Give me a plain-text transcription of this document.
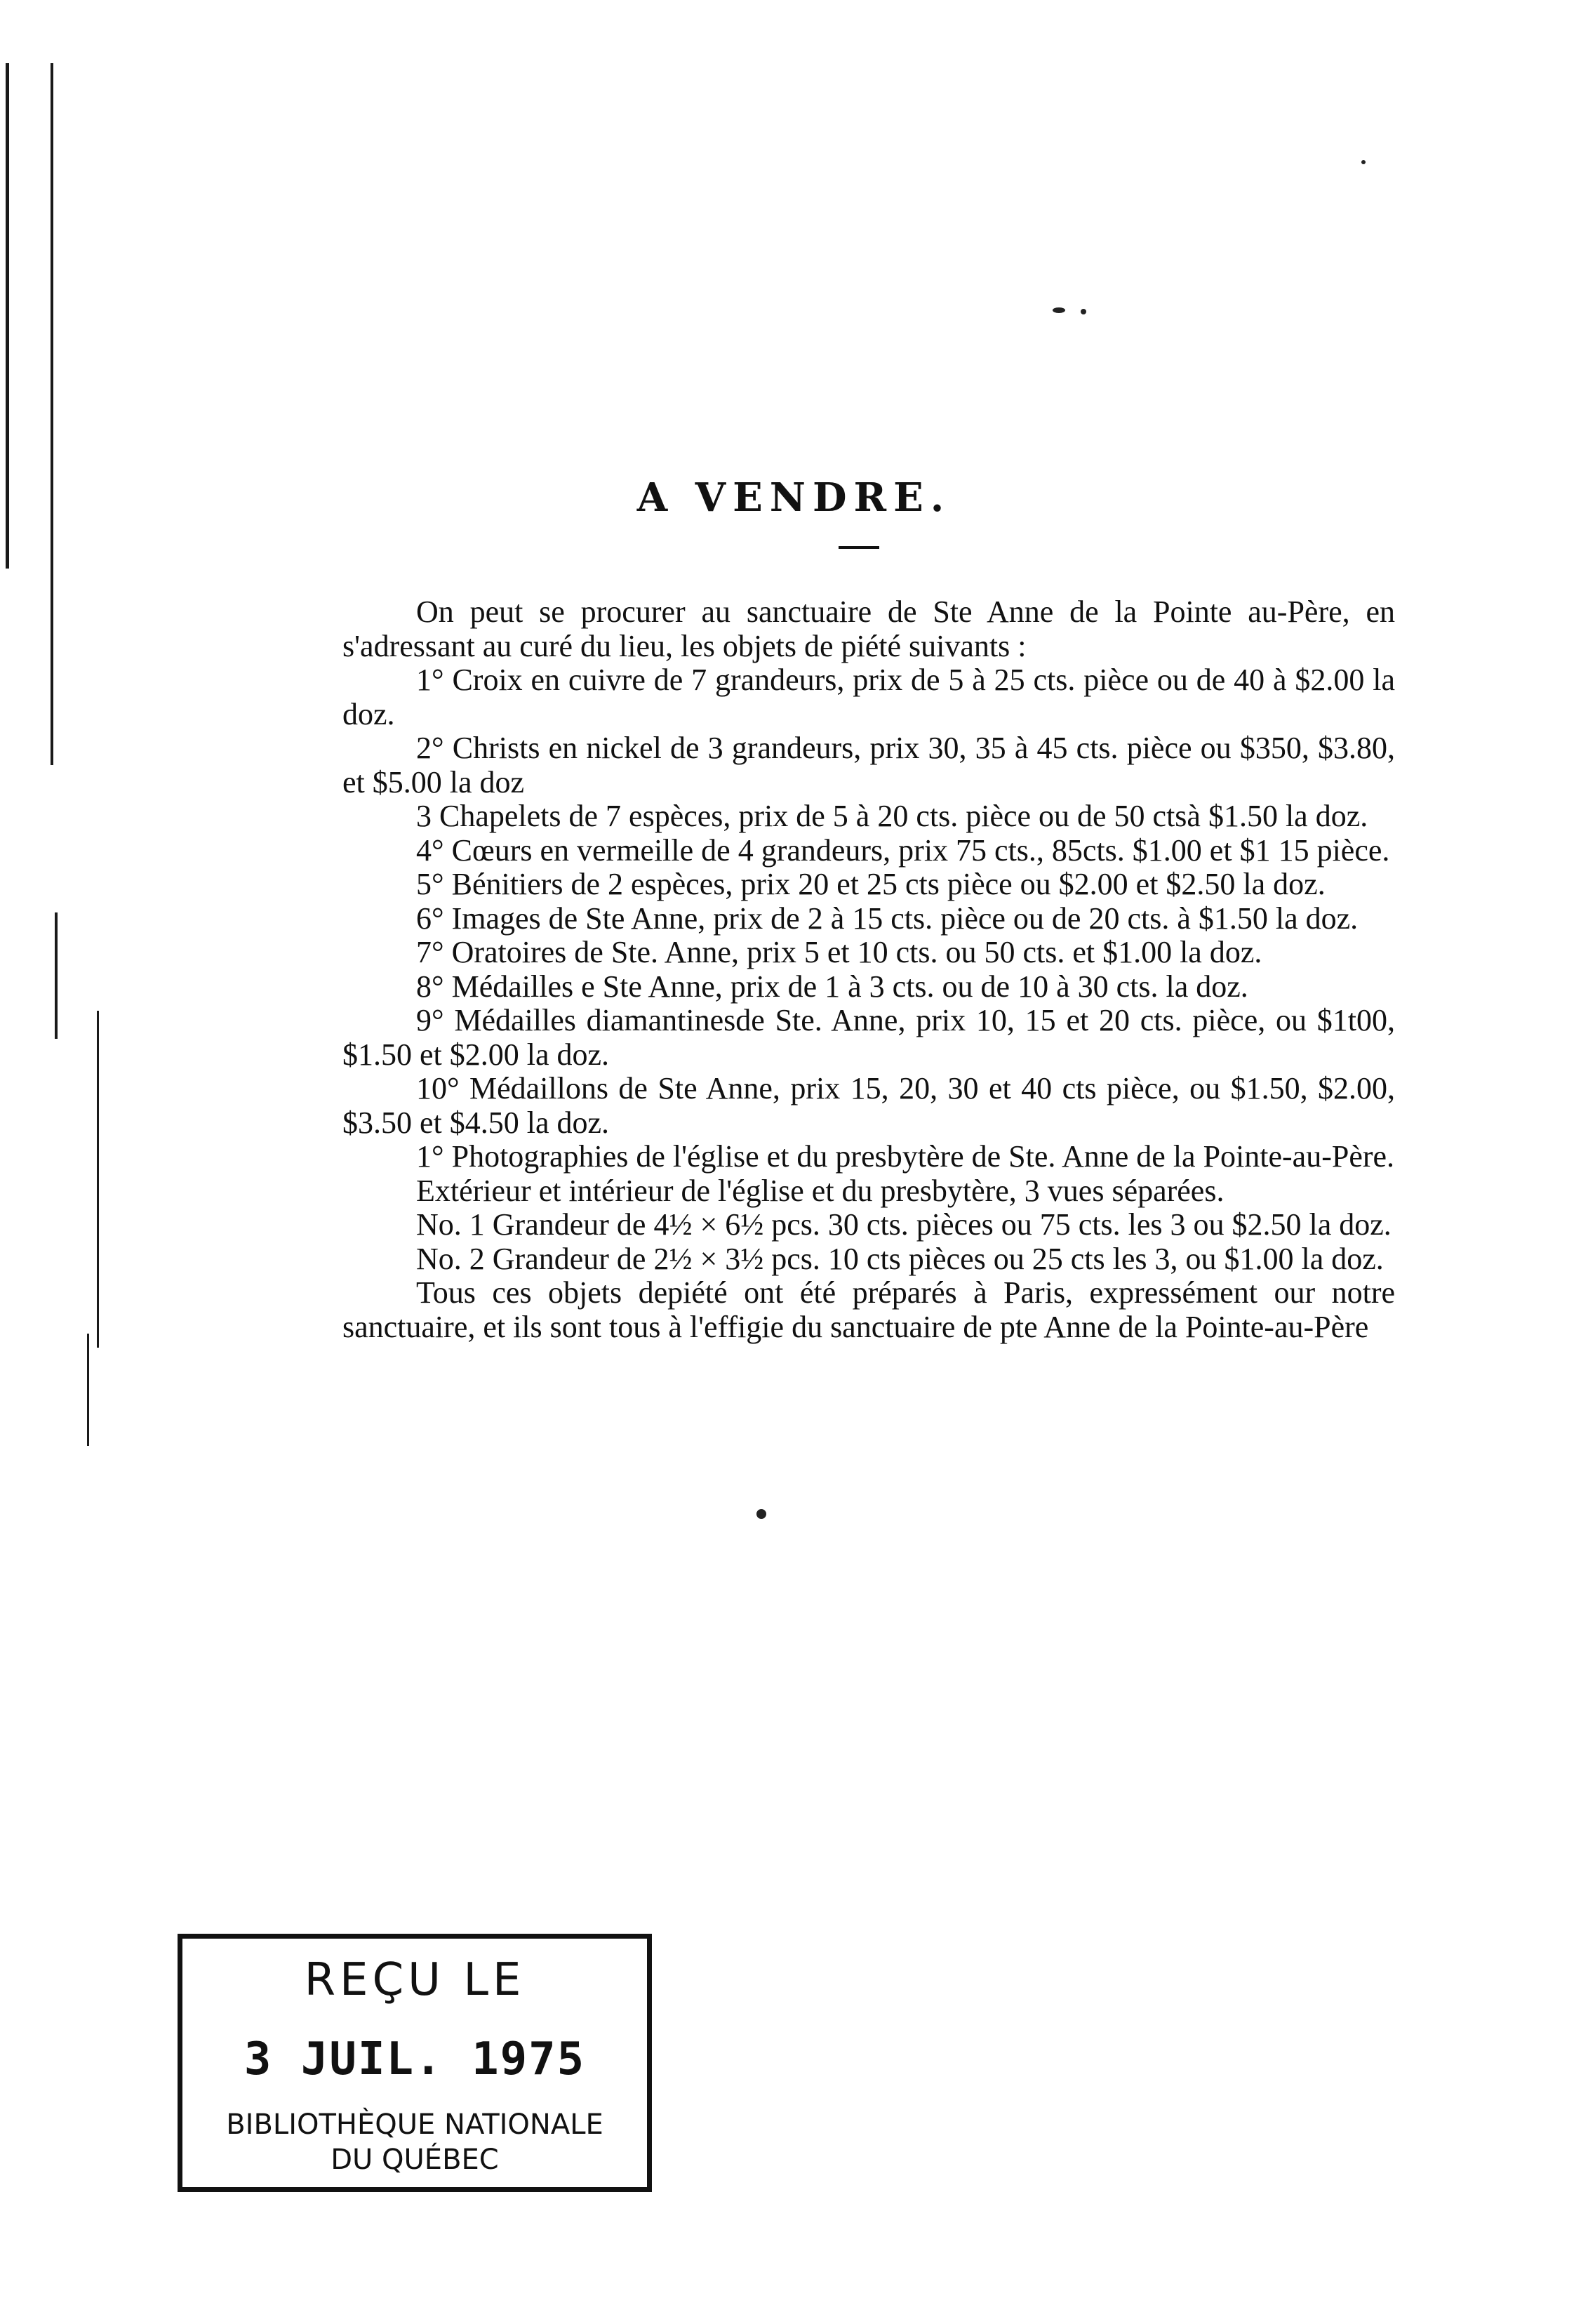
A VENDRE.

On peut se procurer au sanctuaire de Ste Anne de la Pointe au-Père, en s'adressant au curé du lieu, les objets de piété suivants :

1° Croix en cuivre de 7 grandeurs, prix de 5 à 25 cts. pièce ou de 40 à $2.00 la doz.

2° Christs en nickel de 3 grandeurs, prix 30, 35 à 45 cts. pièce ou $350, $3.80, et $5.00 la doz

3 Chapelets de 7 espèces, prix de 5 à 20 cts. pièce ou de 50 ctsà $1.50 la doz.

4° Cœurs en vermeille de 4 grandeurs, prix 75 cts., 85cts. $1.00 et $1 15 pièce.

5° Bénitiers de 2 espèces, prix 20 et 25 cts pièce ou $2.00 et $2.50 la doz.

6° Images de Ste Anne, prix de 2 à 15 cts. pièce ou de 20 cts. à $1.50 la doz.

7° Oratoires de Ste. Anne, prix 5 et 10 cts. ou 50 cts. et $1.00 la doz.

8° Médailles e Ste Anne, prix de 1 à 3 cts. ou de 10 à 30 cts. la doz.

9° Médailles diamantinesde Ste. Anne, prix 10, 15 et 20 cts. pièce, ou $1t00, $1.50 et $2.00 la doz.

10° Médaillons de Ste Anne, prix 15, 20, 30 et 40 cts pièce, ou $1.50, $2.00, $3.50 et $4.50 la doz.

1° Photographies de l'église et du presbytère de Ste. Anne de la Pointe-au-Père.

Extérieur et intérieur de l'église et du presbytère, 3 vues séparées.

No. 1 Grandeur de 4½ × 6½ pcs. 30 cts. pièces ou 75 cts. les 3 ou $2.50 la doz.

No. 2 Grandeur de 2½ × 3½ pcs. 10 cts pièces ou 25 cts les 3, ou $1.00 la doz.

Tous ces objets depiété ont été préparés à Paris, expressément our notre sanctuaire, et ils sont tous à l'effigie du sanctuaire de pte Anne de la Pointe-au-Père

REÇU LE
3 JUIL. 1975
BIBLIOTHÈQUE NATIONALE
DU QUÉBEC
